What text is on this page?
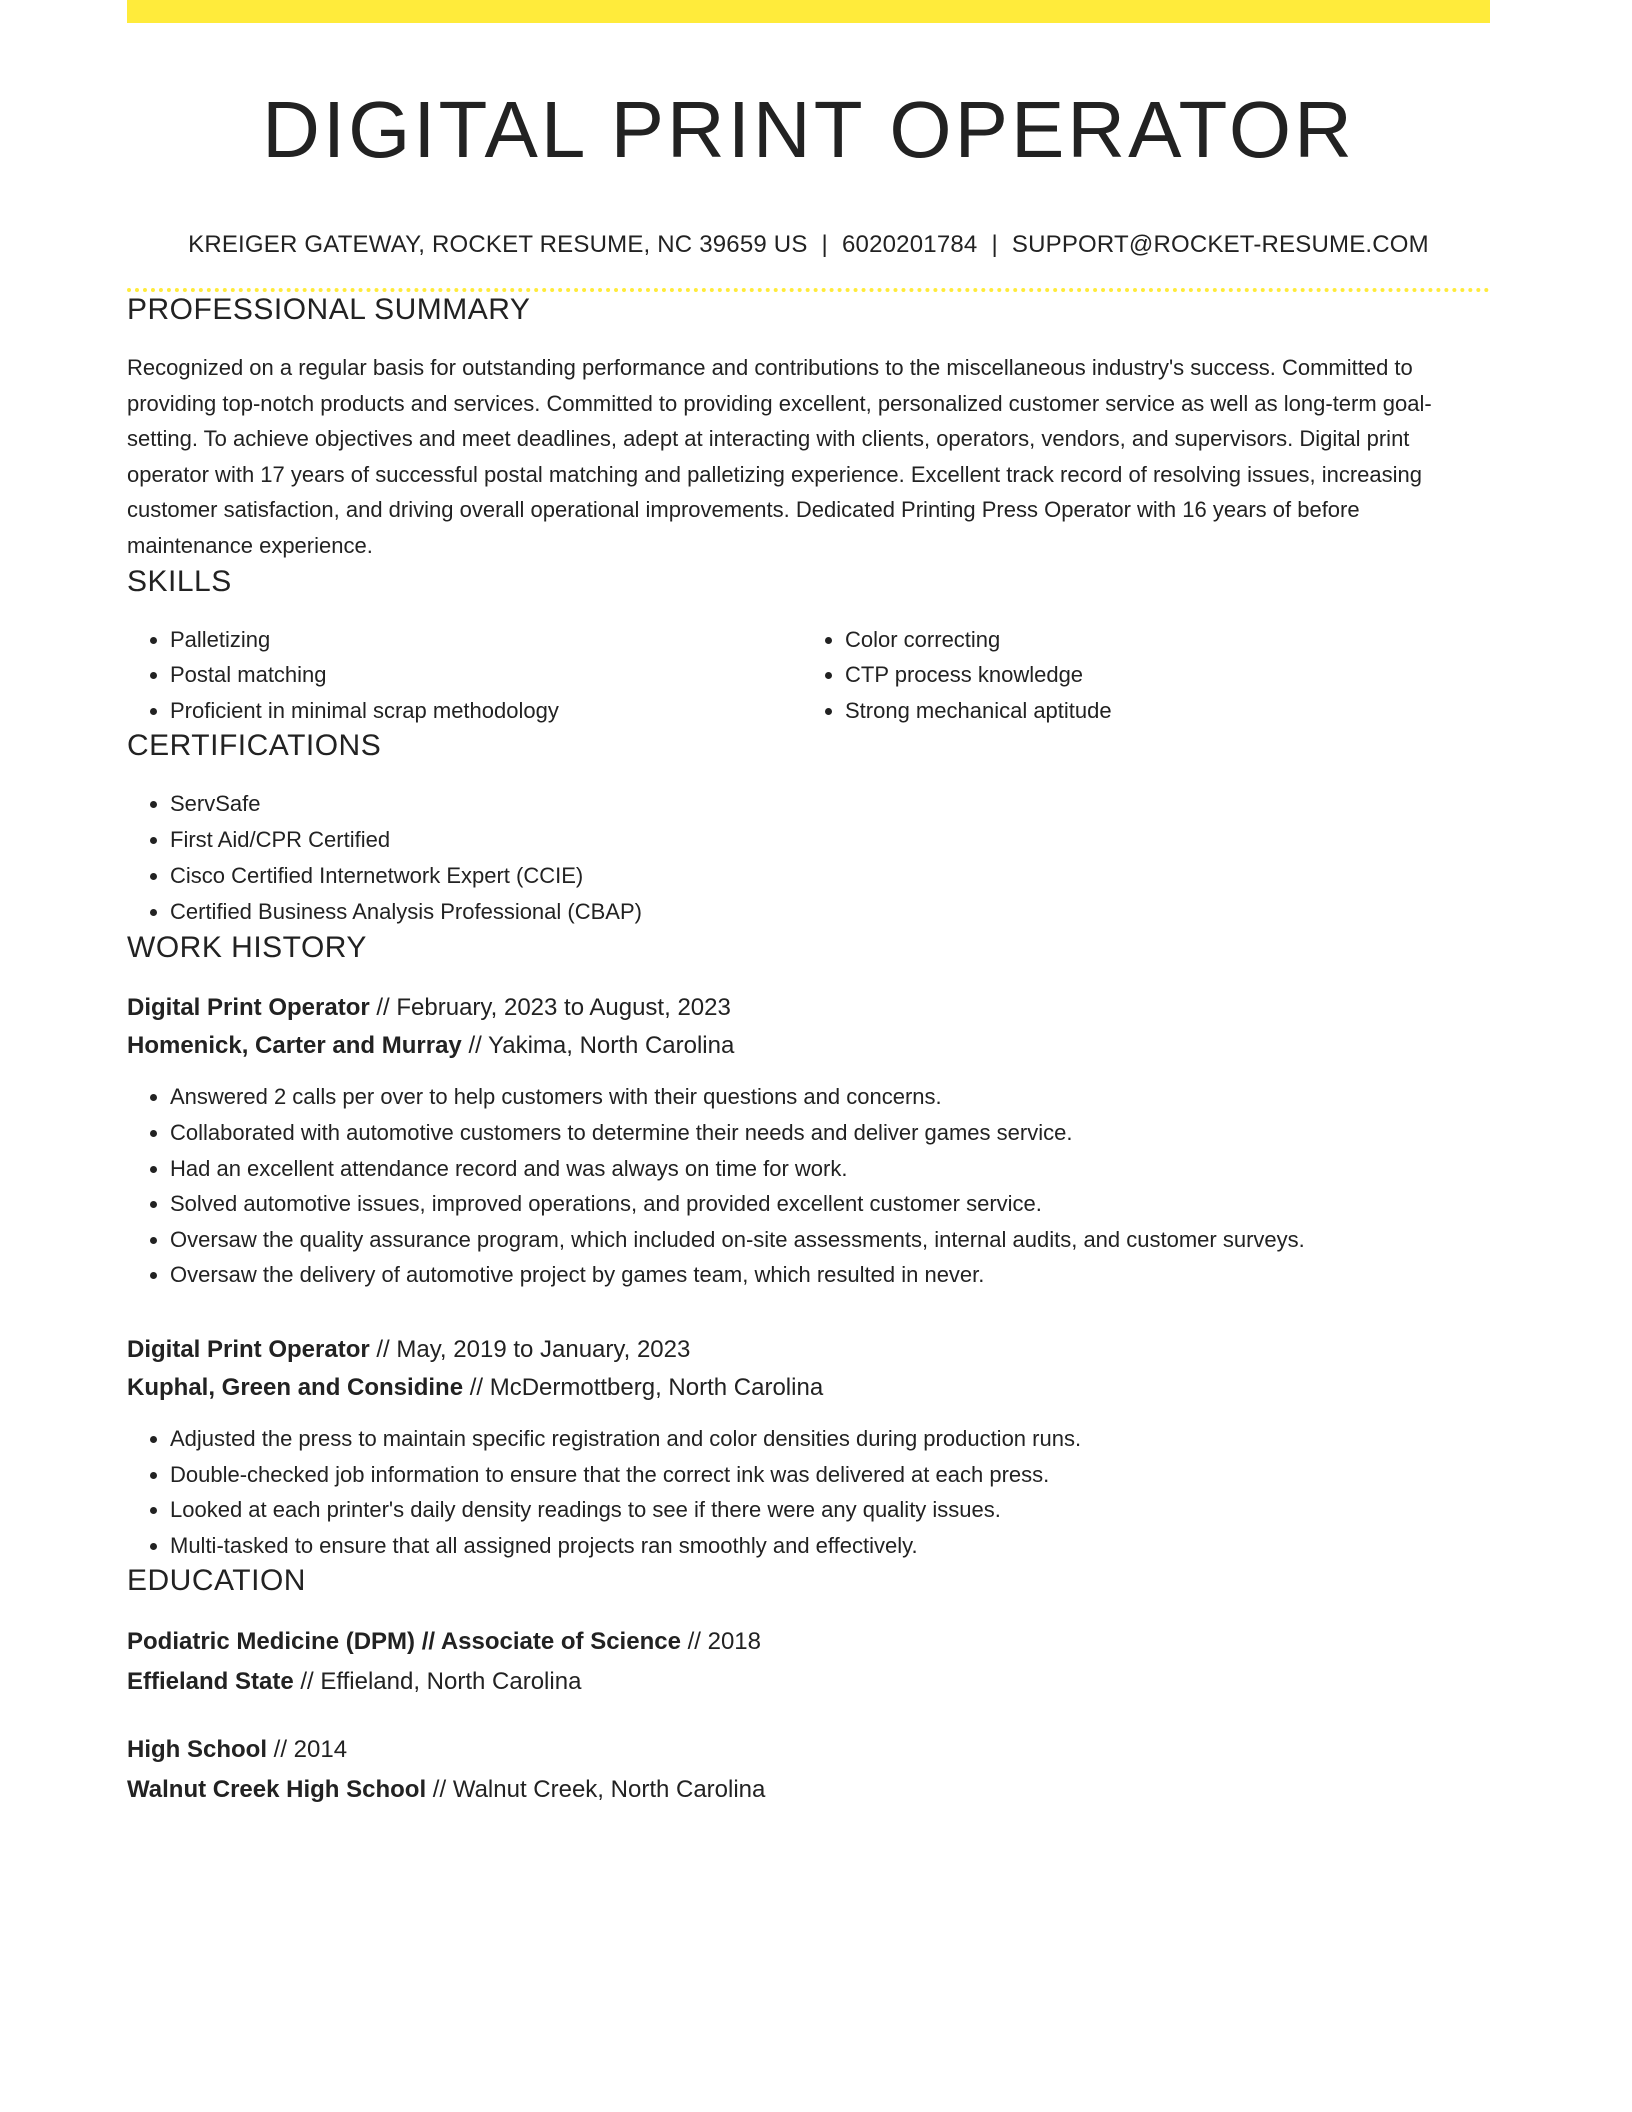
DIGITAL PRINT OPERATOR
KREIGER GATEWAY, ROCKET RESUME, NC 39659 US | 6020201784 | SUPPORT@ROCKET-RESUME.COM
PROFESSIONAL SUMMARY
Recognized on a regular basis for outstanding performance and contributions to the miscellaneous industry's success. Committed to providing top-notch products and services. Committed to providing excellent, personalized customer service as well as long-term goal-setting. To achieve objectives and meet deadlines, adept at interacting with clients, operators, vendors, and supervisors. Digital print operator with 17 years of successful postal matching and palletizing experience. Excellent track record of resolving issues, increasing customer satisfaction, and driving overall operational improvements. Dedicated Printing Press Operator with 16 years of before maintenance experience.
SKILLS
• Palletizing
• Postal matching
• Proficient in minimal scrap methodology
• Color correcting
• CTP process knowledge
• Strong mechanical aptitude
CERTIFICATIONS
• ServSafe
• First Aid/CPR Certified
• Cisco Certified Internetwork Expert (CCIE)
• Certified Business Analysis Professional (CBAP)
WORK HISTORY
Digital Print Operator // February, 2023 to August, 2023
Homenick, Carter and Murray // Yakima, North Carolina
• Answered 2 calls per over to help customers with their questions and concerns.
• Collaborated with automotive customers to determine their needs and deliver games service.
• Had an excellent attendance record and was always on time for work.
• Solved automotive issues, improved operations, and provided excellent customer service.
• Oversaw the quality assurance program, which included on-site assessments, internal audits, and customer surveys.
• Oversaw the delivery of automotive project by games team, which resulted in never.
Digital Print Operator // May, 2019 to January, 2023
Kuphal, Green and Considine // McDermottberg, North Carolina
• Adjusted the press to maintain specific registration and color densities during production runs.
• Double-checked job information to ensure that the correct ink was delivered at each press.
• Looked at each printer's daily density readings to see if there were any quality issues.
• Multi-tasked to ensure that all assigned projects ran smoothly and effectively.
EDUCATION
Podiatric Medicine (DPM) // Associate of Science // 2018
Effieland State // Effieland, North Carolina
High School // 2014
Walnut Creek High School // Walnut Creek, North Carolina
